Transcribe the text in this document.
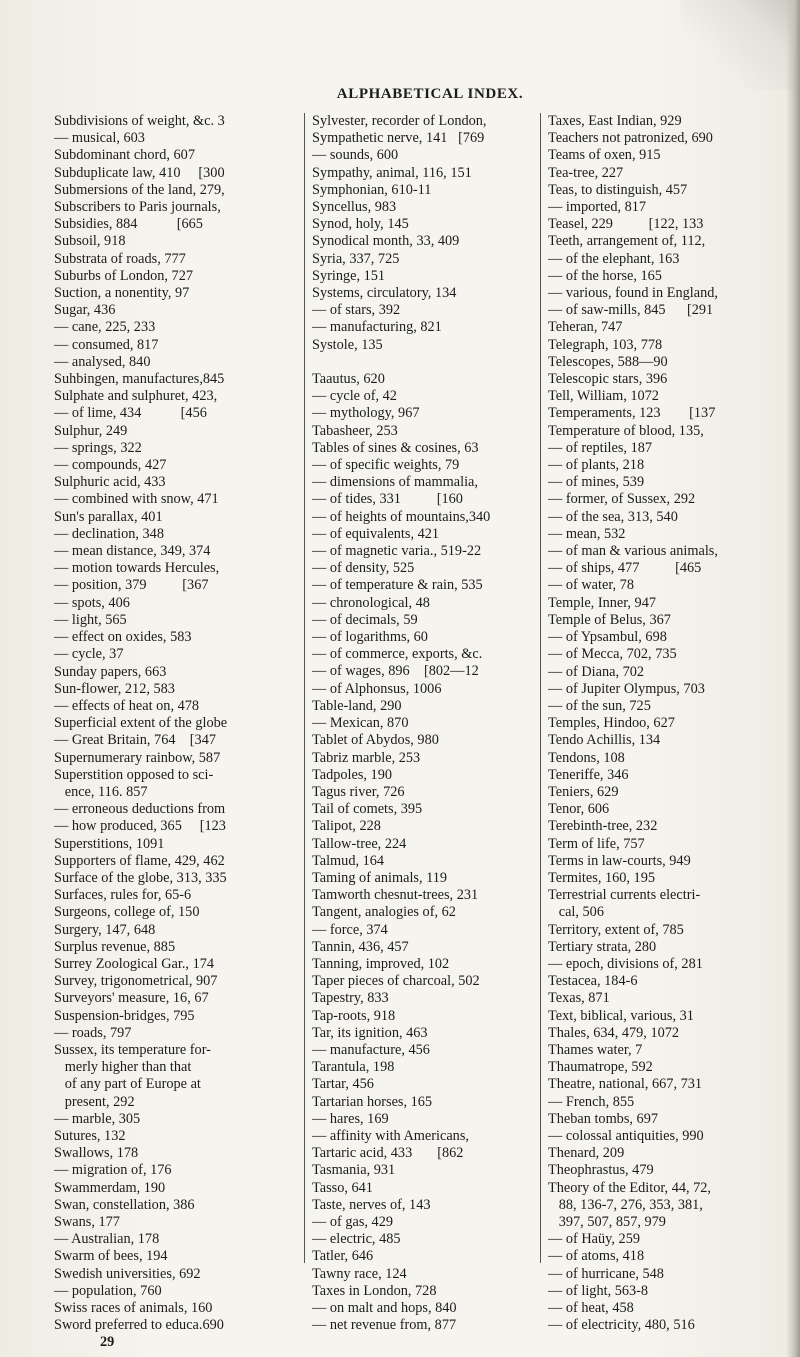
ALPHABETICAL INDEX.
Subdivisions of weight, &c. 3
— musical, 603
Subdominant chord, 607
Subduplicate law, 410     [300
Submersions of the land, 279,
Subscribers to Paris journals,
Subsidies, 884           [665
Subsoil, 918
Substrata of roads, 777
Suburbs of London, 727
Suction, a nonentity, 97
Sugar, 436
— cane, 225, 233
— consumed, 817
— analysed, 840
Suhbingen, manufactures,845
Sulphate and sulphuret, 423,
— of lime, 434           [456
Sulphur, 249
— springs, 322
— compounds, 427
Sulphuric acid, 433
— combined with snow, 471
Sun's parallax, 401
— declination, 348
— mean distance, 349, 374
— motion towards Hercules,
— position, 379          [367
— spots, 406
— light, 565
— effect on oxides, 583
— cycle, 37
Sunday papers, 663
Sun-flower, 212, 583
— effects of heat on, 478
Superficial extent of the globe
— Great Britain, 764    [347
Supernumerary rainbow, 587
Superstition opposed to sci-
ence, 116. 857
— erroneous deductions from
— how produced, 365     [123
Superstitions, 1091
Supporters of flame, 429, 462
Surface of the globe, 313, 335
Surfaces, rules for, 65-6
Surgeons, college of, 150
Surgery, 147, 648
Surplus revenue, 885
Surrey Zoological Gar., 174
Survey, trigonometrical, 907
Surveyors' measure, 16, 67
Suspension-bridges, 795
— roads, 797
Sussex, its temperature for-
merly higher than that
of any part of Europe at
present, 292
— marble, 305
Sutures, 132
Swallows, 178
— migration of, 176
Swammerdam, 190
Swan, constellation, 386
Swans, 177
— Australian, 178
Swarm of bees, 194
Swedish universities, 692
— population, 760
Swiss races of animals, 160
Sword preferred to educa.690
29
Sylvester, recorder of London,
Sympathetic nerve, 141   [769
— sounds, 600
Sympathy, animal, 116, 151
Symphonian, 610-11
Syncellus, 983
Synod, holy, 145
Synodical month, 33, 409
Syria, 337, 725
Syringe, 151
Systems, circulatory, 134
— of stars, 392
— manufacturing, 821
Systole, 135
Taautus, 620
— cycle of, 42
— mythology, 967
Tabasheer, 253
Tables of sines & cosines, 63
— of specific weights, 79
— dimensions of mammalia,
— of tides, 331          [160
— of heights of mountains,340
— of equivalents, 421
— of magnetic varia., 519-22
— of density, 525
— of temperature & rain, 535
— chronological, 48
— of decimals, 59
— of logarithms, 60
— of commerce, exports, &c.
— of wages, 896    [802—12
— of Alphonsus, 1006
Table-land, 290
— Mexican, 870
Tablet of Abydos, 980
Tabriz marble, 253
Tadpoles, 190
Tagus river, 726
Tail of comets, 395
Talipot, 228
Tallow-tree, 224
Talmud, 164
Taming of animals, 119
Tamworth chesnut-trees, 231
Tangent, analogies of, 62
— force, 374
Tannin, 436, 457
Tanning, improved, 102
Taper pieces of charcoal, 502
Tapestry, 833
Tap-roots, 918
Tar, its ignition, 463
— manufacture, 456
Tarantula, 198
Tartar, 456
Tartarian horses, 165
— hares, 169
— affinity with Americans,
Tartaric acid, 433       [862
Tasmania, 931
Tasso, 641
Taste, nerves of, 143
— of gas, 429
— electric, 485
Tatler, 646
Tawny race, 124
Taxes in London, 728
— on malt and hops, 840
— net revenue from, 877
Taxes, East Indian, 929
Teachers not patronized, 690
Teams of oxen, 915
Tea-tree, 227
Teas, to distinguish, 457
— imported, 817
Teasel, 229          [122, 133
Teeth, arrangement of, 112,
— of the elephant, 163
— of the horse, 165
— various, found in England,
— of saw-mills, 845      [291
Teheran, 747
Telegraph, 103, 778
Telescopes, 588—90
Telescopic stars, 396
Tell, William, 1072
Temperaments, 123        [137
Temperature of blood, 135,
— of reptiles, 187
— of plants, 218
— of mines, 539
— former, of Sussex, 292
— of the sea, 313, 540
— mean, 532
— of man & various animals,
— of ships, 477          [465
— of water, 78
Temple, Inner, 947
Temple of Belus, 367
— of Ypsambul, 698
— of Mecca, 702, 735
— of Diana, 702
— of Jupiter Olympus, 703
— of the sun, 725
Temples, Hindoo, 627
Tendo Achillis, 134
Tendons, 108
Teneriffe, 346
Teniers, 629
Tenor, 606
Terebinth-tree, 232
Term of life, 757
Terms in law-courts, 949
Termites, 160, 195
Terrestrial currents electri-
cal, 506
Territory, extent of, 785
Tertiary strata, 280
— epoch, divisions of, 281
Testacea, 184-6
Texas, 871
Text, biblical, various, 31
Thales, 634, 479, 1072
Thames water, 7
Thaumatrope, 592
Theatre, national, 667, 731
— French, 855
Theban tombs, 697
— colossal antiquities, 990
Thenard, 209
Theophrastus, 479
Theory of the Editor, 44, 72,
88, 136-7, 276, 353, 381,
397, 507, 857, 979
— of Haüy, 259
— of atoms, 418
— of hurricane, 548
— of light, 563-8
— of heat, 458
— of electricity, 480, 516
